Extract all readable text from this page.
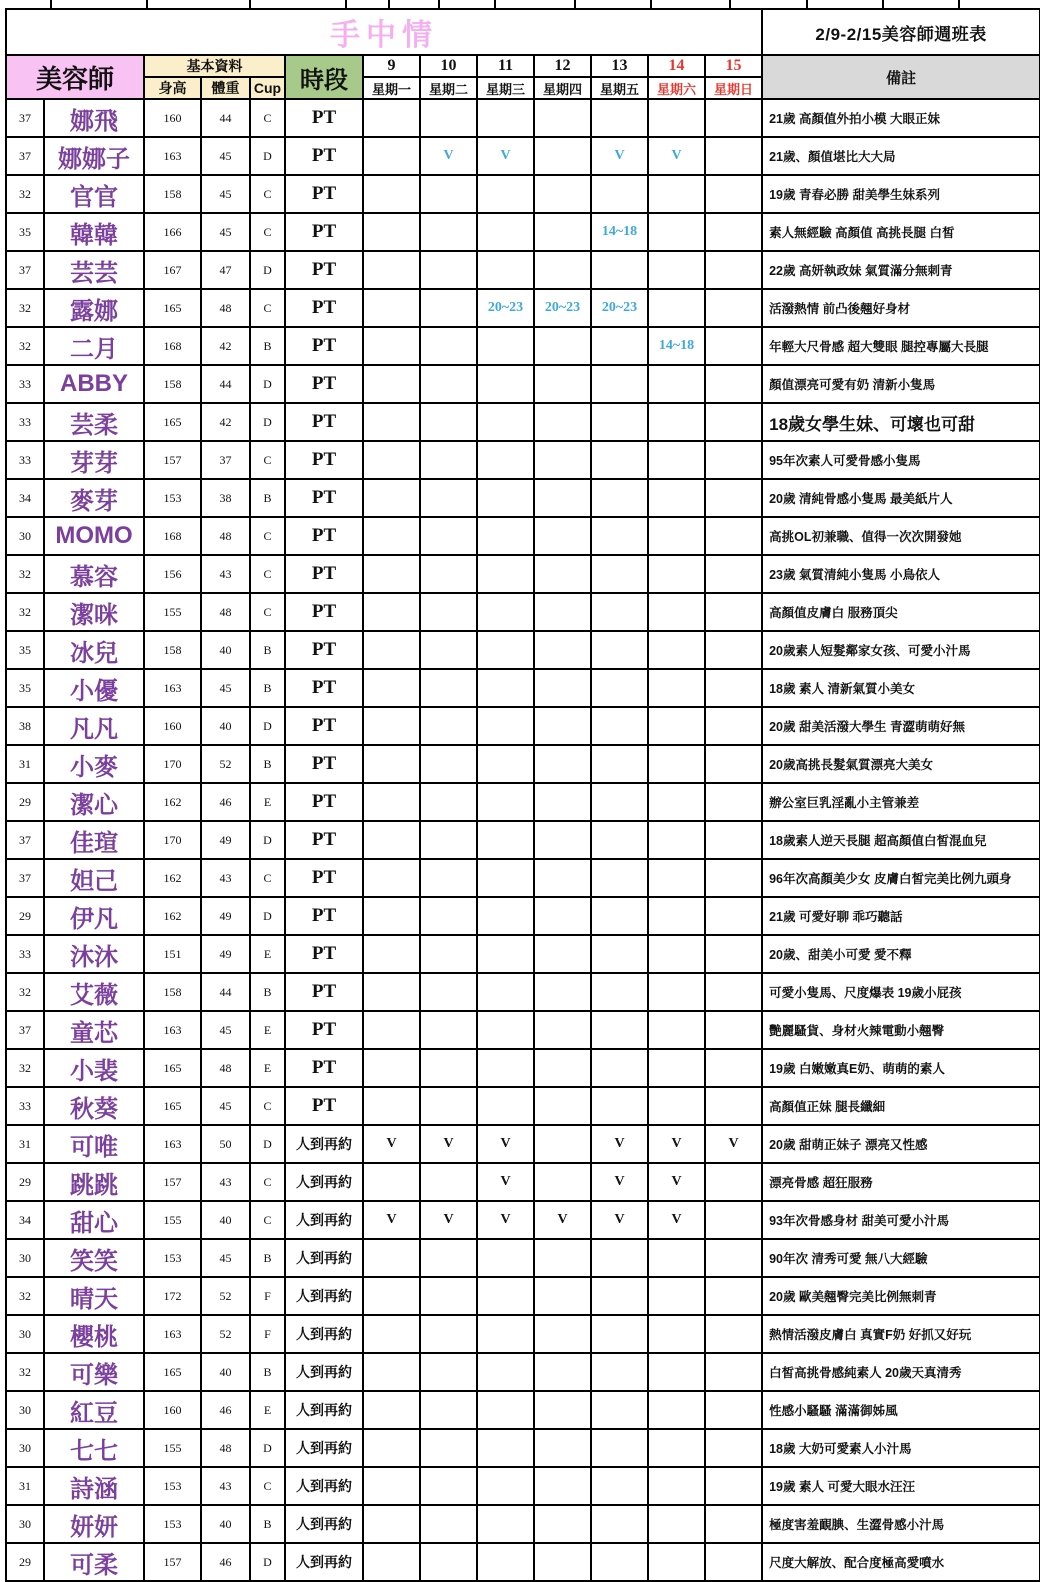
手中情													2/9-2/15美容師週班表
美容師		基本資料			時段	9	10	11	12	13	14	15	備註
		身高	體重	Cup		星期一	星期二	星期三	星期四	星期五	星期六	星期日	
37	娜飛	160	44	C	PT								21歲 高顏值外拍小模 大眼正妹
37	娜娜子	163	45	D	PT		V	V		V	V		21歲、顏值堪比大大局
32	官官	158	45	C	PT								19歲 青春必勝 甜美學生妹系列
35	韓韓	166	45	C	PT					14~18			素人無經驗 高顏值 高挑長腿 白皙
37	芸芸	167	47	D	PT								22歲 高妍執政妹 氣質滿分無刺青
32	露娜	165	48	C	PT			20~23	20~23	20~23			活潑熱情 前凸後翹好身材
32	二月	168	42	B	PT						14~18		年輕大尺骨感 超大雙眼 腿控專屬大長腿
33	ABBY	158	44	D	PT								顏值漂亮可愛有奶 清新小隻馬
33	芸柔	165	42	D	PT								18歲女學生妹、可壞也可甜
33	芽芽	157	37	C	PT								95年次素人可愛骨感小隻馬
34	麥芽	153	38	B	PT								20歲 清純骨感小隻馬 最美紙片人
30	MOMO	168	48	C	PT								高挑OL初兼職、值得一次次開發她
32	慕容	156	43	C	PT								23歲 氣質清純小隻馬 小鳥依人
32	潔咪	155	48	C	PT								高顏值皮膚白 服務頂尖
35	冰兒	158	40	B	PT								20歲素人短髮鄰家女孩、可愛小汁馬
35	小優	163	45	B	PT								18歲 素人 清新氣質小美女
38	凡凡	160	40	D	PT								20歲 甜美活潑大學生 青澀萌萌好無
31	小麥	170	52	B	PT								20歲高挑長髮氣質漂亮大美女
29	潔心	162	46	E	PT								辦公室巨乳淫亂小主管兼差
37	佳瑄	170	49	D	PT								18歲素人逆天長腿 超高顏值白皙混血兒
37	妲己	162	43	C	PT								96年次高顏美少女 皮膚白皙完美比例九頭身
29	伊凡	162	49	D	PT								21歲 可愛好聊 乖巧聽話
33	沐沐	151	49	E	PT								20歲、甜美小可愛 愛不釋
32	艾薇	158	44	B	PT								可愛小隻馬、尺度爆表 19歲小屁孩
37	童芯	163	45	E	PT								艷麗騷貨、身材火辣電動小翹臀
32	小裴	165	48	E	PT								19歲 白嫩嫩真E奶、萌萌的素人
33	秋葵	165	45	C	PT								高顏值正妹 腿長纖細
31	可唯	163	50	D	人到再約	V	V	V		V	V	V	20歲 甜萌正妹子 漂亮又性感
29	跳跳	157	43	C	人到再約			V		V	V		漂亮骨感 超狂服務
34	甜心	155	40	C	人到再約	V	V	V	V	V	V		93年次骨感身材 甜美可愛小汁馬
30	笑笑	153	45	B	人到再約								90年次 清秀可愛 無八大經驗
32	晴天	172	52	F	人到再約								20歲 歐美翹臀完美比例無刺青
30	櫻桃	163	52	F	人到再約								熱情活潑皮膚白 真實F奶 好抓又好玩
32	可樂	165	40	B	人到再約								白皙高挑骨感純素人 20歲天真清秀
30	紅豆	160	46	E	人到再約								性感小騷騷 滿滿御姊風
30	七七	155	48	D	人到再約								18歲 大奶可愛素人小汁馬
31	詩涵	153	43	C	人到再約								19歲 素人 可愛大眼水汪汪
30	妍妍	153	40	B	人到再約								極度害羞靦腆、生澀骨感小汁馬
29	可柔	157	46	D	人到再約								尺度大解放、配合度極高愛噴水
